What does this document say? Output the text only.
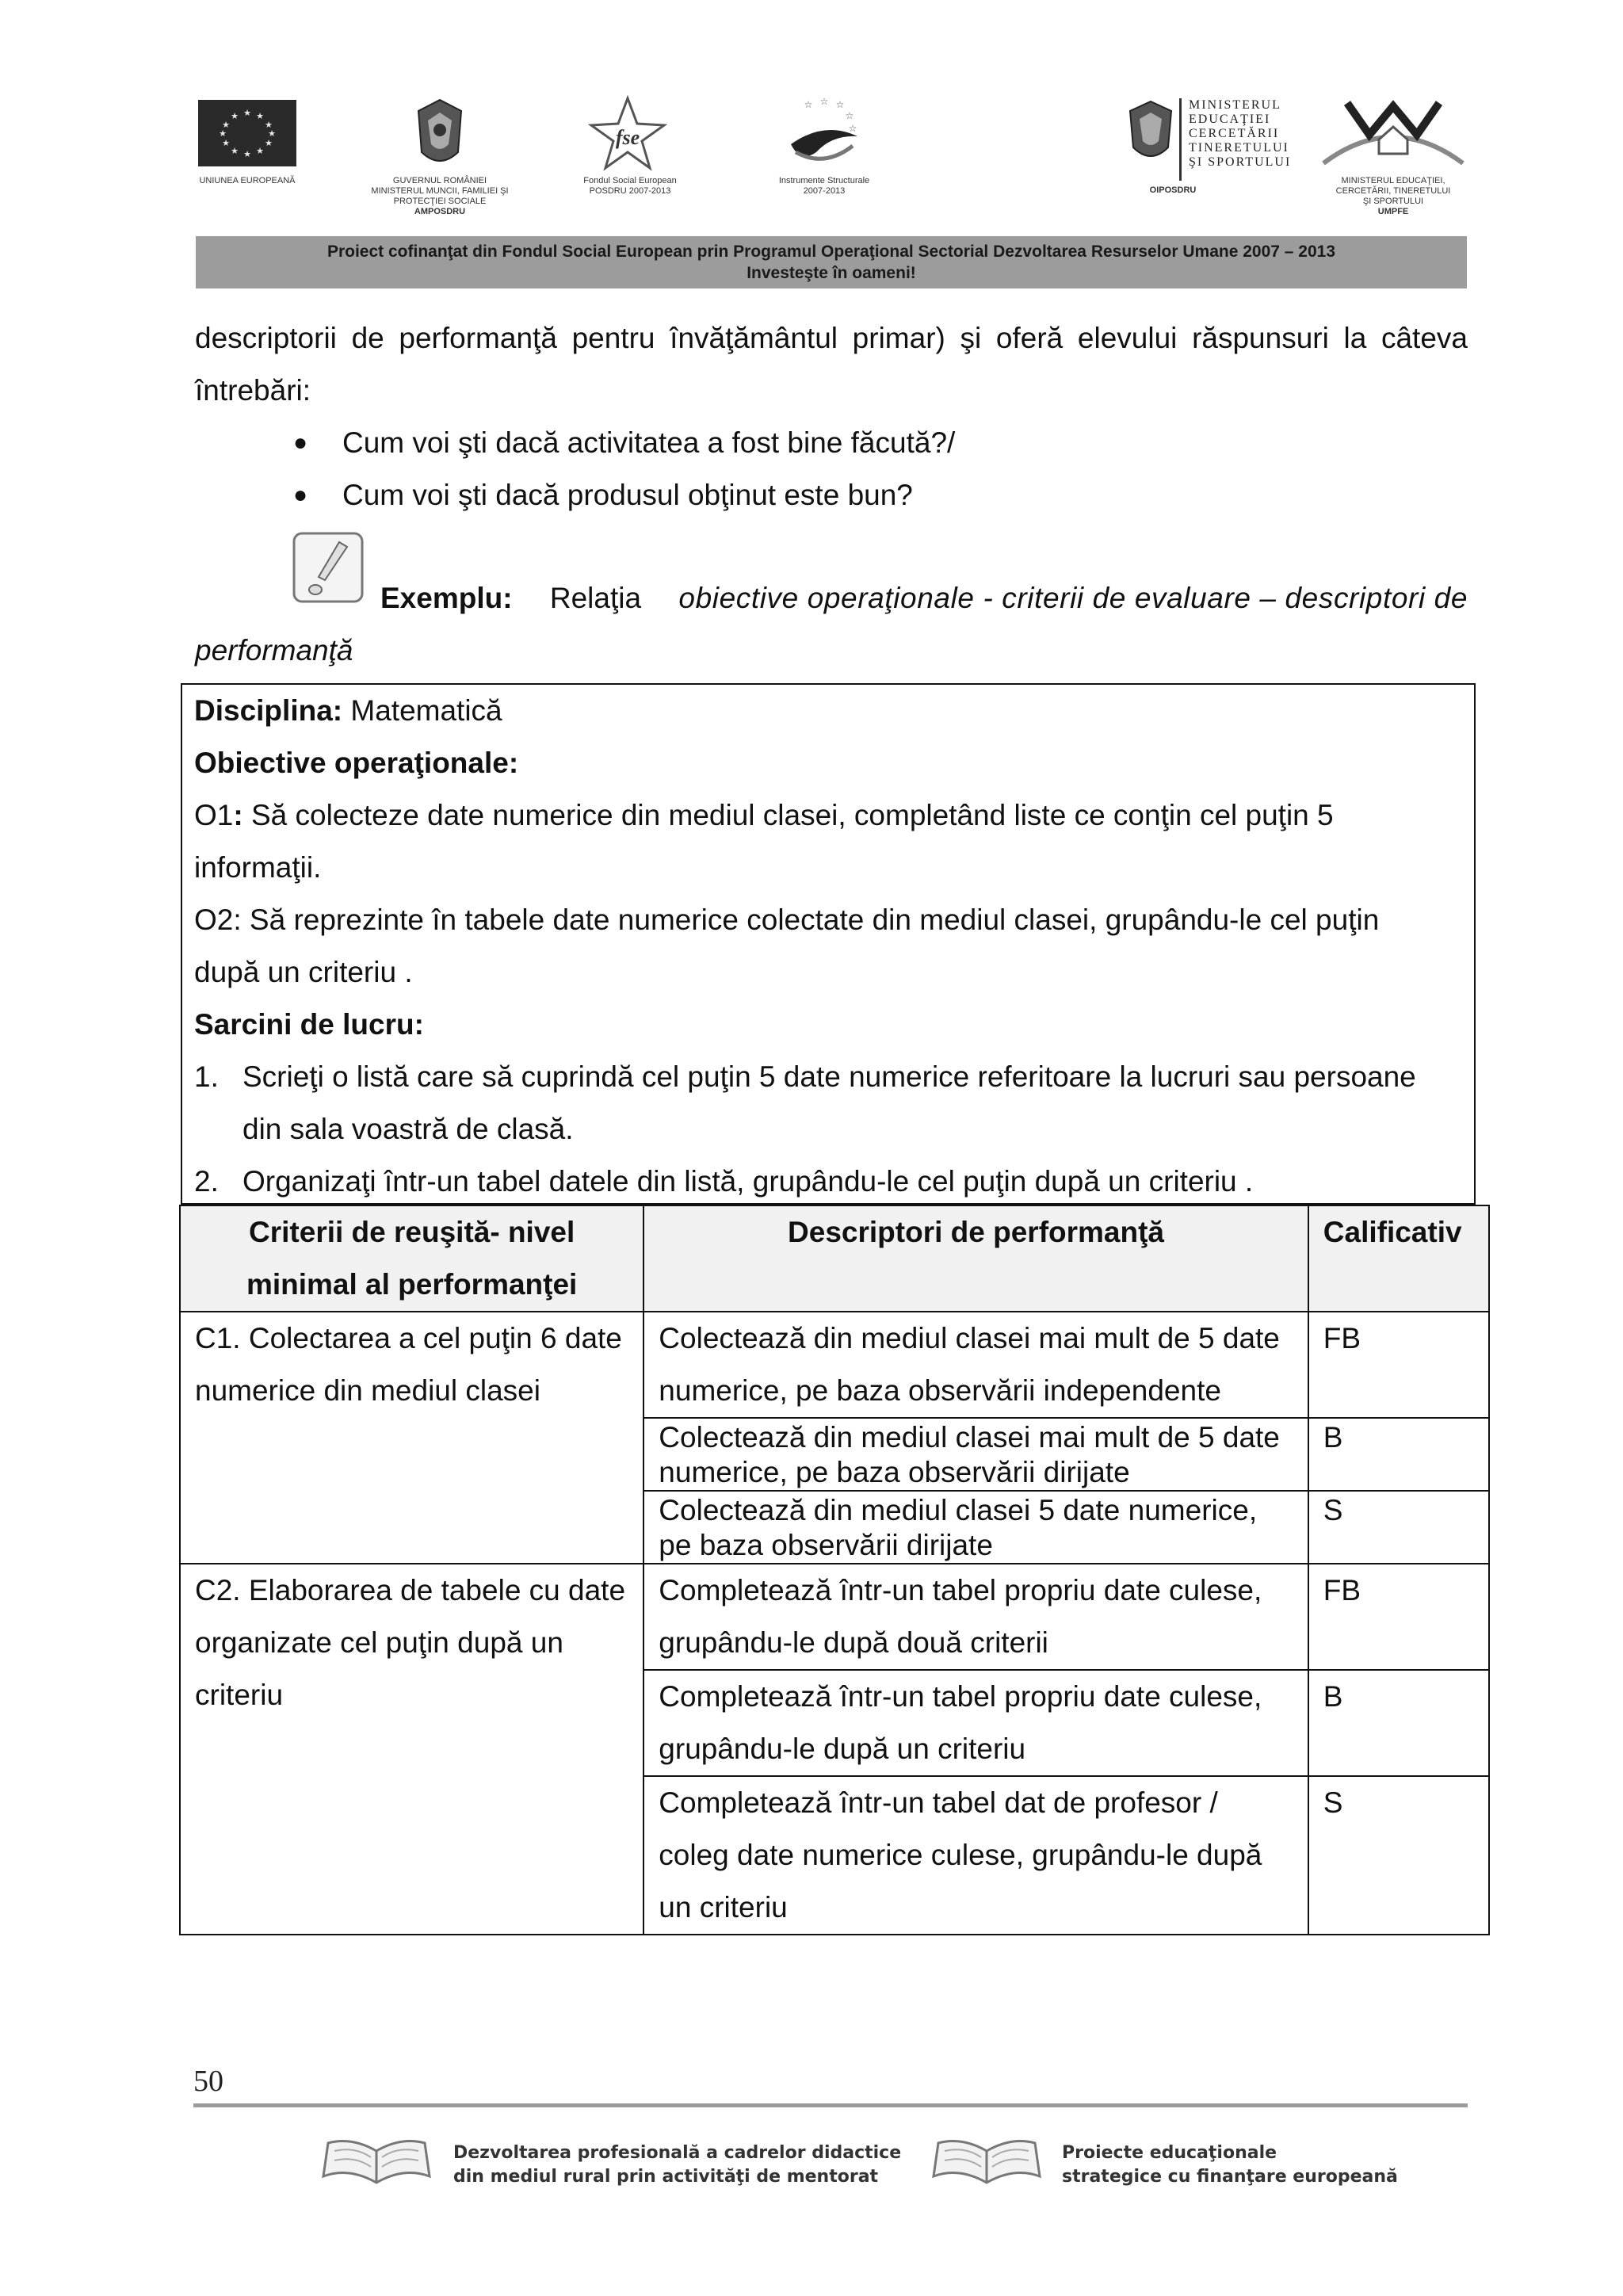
★ ★
★
★
★
★
★
★
★
★
★
★
UNIUNEA EUROPEANĂ	GUVERNUL ROMÂNIEI
MINISTERUL MUNCII, FAMILIEI ŞI
PROTECŢIEI SOCIALE
AMPOSDRU
fse
Fondul Social European
POSDRU 2007-2013
☆ ☆ ☆
☆
☆
Instrumente Structurale
2007-2013
MINISTERUL
EDUCAŢIEI
CERCETĂRII
TINERETULUI
ŞI SPORTULUI
OIPOSDRU
MINISTERUL EDUCAŢIEI,
CERCETĂRII, TINERETULUI
ŞI SPORTULUI
UMPFE
Proiect cofinanţat din Fondul Social European prin Programul Operaţional Sectorial Dezvoltarea Resurselor Umane 2007 – 2013
Investeşte în oameni!
descriptorii de performanţă pentru învăţământul primar) şi oferă elevului răspunsuri la câteva
întrebări:
● Cum voi şti dacă activitatea a fost bine făcută?/
● Cum voi şti dacă produsul obţinut este bun?
Exemplu: Relaţia obiective operaţionale - criterii de evaluare – descriptori de
performanţă
Disciplina: Matematică
Obiective operaţionale:
O1: Să colecteze date numerice din mediul clasei, completând liste ce conţin cel puţin 5
informaţii.
O2: Să reprezinte în tabele date numerice colectate din mediul clasei, grupându-le cel puţin
după un criteriu .
Sarcini de lucru:
1. Scrieţi o listă care să cuprindă cel puţin 5 date numerice referitoare la lucruri sau persoane
din sala voastră de clasă.
2. Organizaţi într-un tabel datele din listă, grupându-le cel puţin după un criteriu .
Criterii de reuşită- nivel minimal al performanţei	Descriptori de performanţă	Calificativ
C1. Colectarea a cel puţin 6 date numerice din mediul clasei	Colectează din mediul clasei mai mult de 5 date numerice, pe baza observării independente	FB
	Colectează din mediul clasei mai mult de 5 date numerice, pe baza observării dirijate	B
	Colectează din mediul clasei 5 date numerice, pe baza observării dirijate	S
C2. Elaborarea de tabele cu date organizate cel puţin după un criteriu	Completează într-un tabel propriu date culese, grupându-le după două criterii	FB
	Completează într-un tabel propriu date culese, grupându-le după un criteriu	B
	Completează într-un tabel dat de profesor / coleg date numerice culese, grupându-le după un criteriu	S
50
Dezvoltarea profesională a cadrelor didactice
din mediul rural prin activităţi de mentorat
Proiecte educaţionale
strategice cu finanţare europeană
